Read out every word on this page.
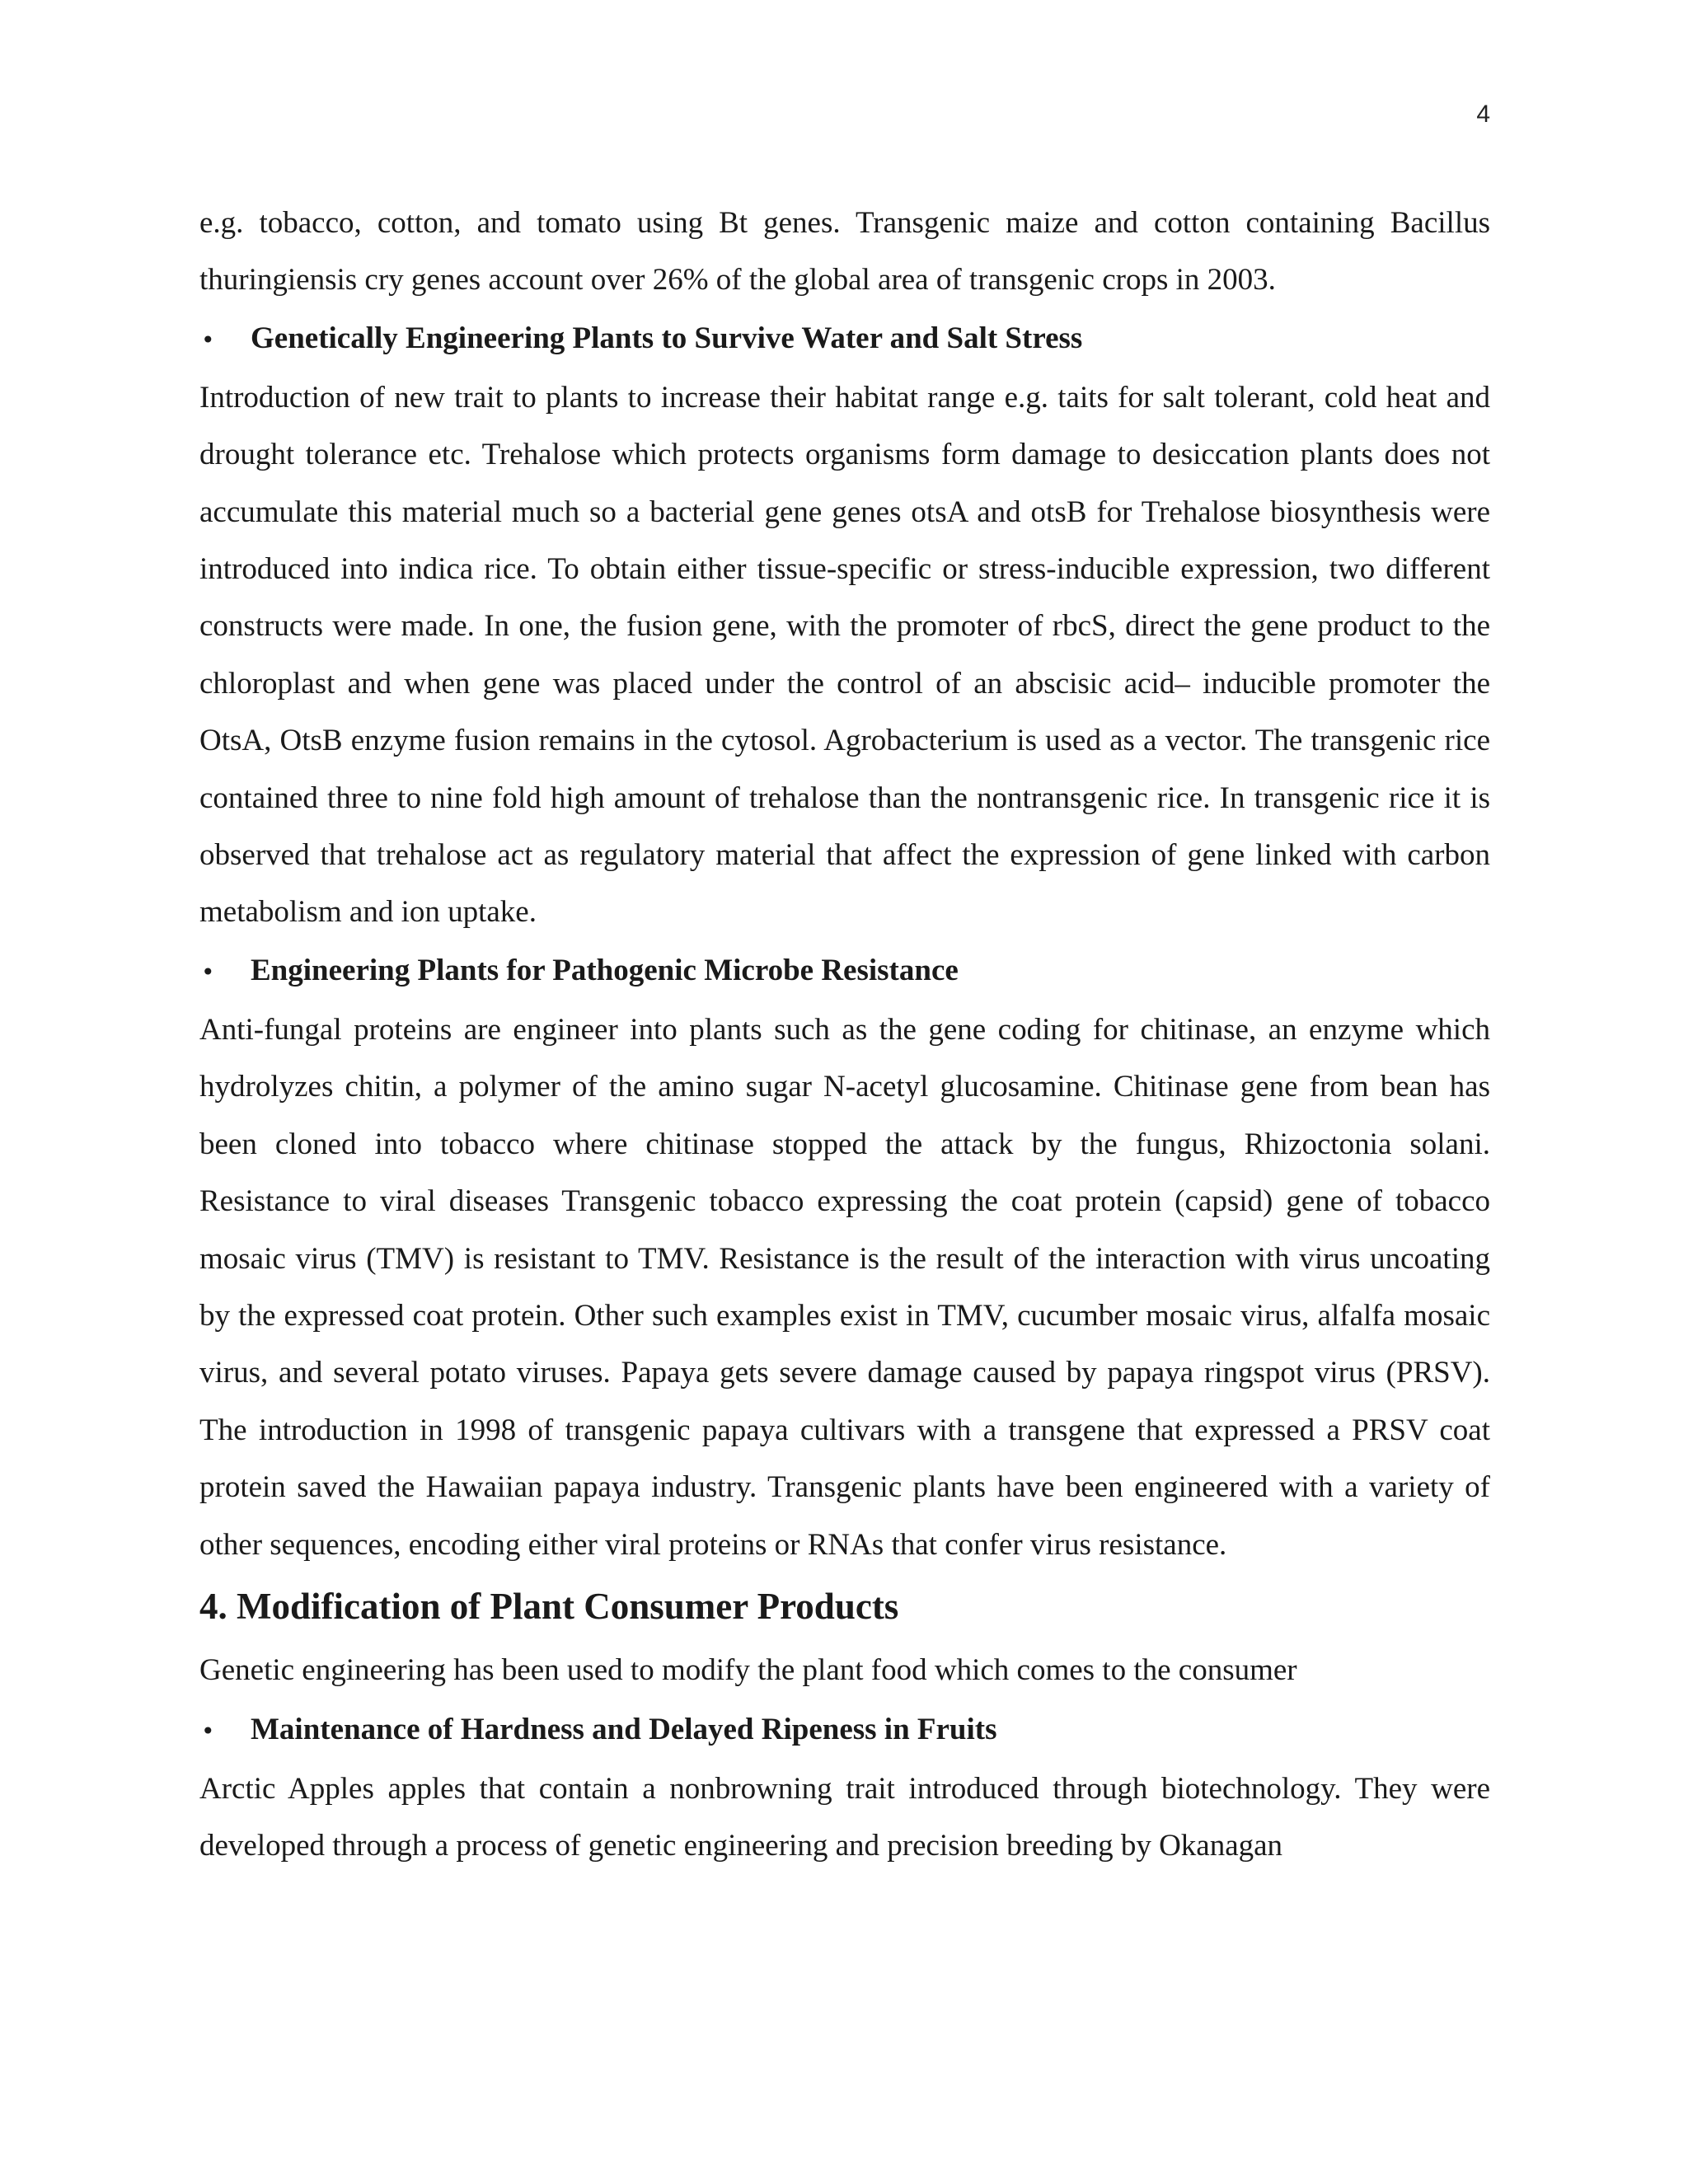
4

e.g. tobacco, cotton, and tomato using Bt genes. Transgenic maize and cotton containing Bacillus thuringiensis cry genes account over 26% of the global area of transgenic crops in 2003.

•	Genetically Engineering Plants to Survive Water and Salt Stress

Introduction of new trait to plants to increase their habitat range e.g. taits for salt tolerant, cold heat and drought tolerance etc. Trehalose which protects organisms form damage to desiccation plants does not accumulate this material much so a bacterial gene genes otsA and otsB for Trehalose biosynthesis were introduced into indica rice. To obtain either tissue-specific or stress-inducible expression, two different constructs were made. In one, the fusion gene, with the promoter of rbcS, direct the gene product to the chloroplast and when gene was placed under the control of an abscisic acid– inducible promoter the OtsA, OtsB enzyme fusion remains in the cytosol. Agrobacterium is used as a vector. The transgenic rice contained three to nine fold high amount of trehalose than the nontransgenic rice. In transgenic rice it is observed that trehalose act as regulatory material that affect the expression of gene linked with carbon metabolism and ion uptake.

•	Engineering Plants for Pathogenic Microbe Resistance

Anti-fungal proteins are engineer into plants such as the gene coding for chitinase, an enzyme which hydrolyzes chitin, a polymer of the amino sugar N-acetyl glucosamine. Chitinase gene from bean has been cloned into tobacco where chitinase stopped the attack by the fungus, Rhizoctonia solani. Resistance to viral diseases Transgenic tobacco expressing the coat protein (capsid) gene of tobacco mosaic virus (TMV) is resistant to TMV. Resistance is the result of the interaction with virus uncoating by the expressed coat protein. Other such examples exist in TMV, cucumber mosaic virus, alfalfa mosaic virus, and several potato viruses. Papaya gets severe damage caused by papaya ringspot virus (PRSV). The introduction in 1998 of transgenic papaya cultivars with a transgene that expressed a PRSV coat protein saved the Hawaiian papaya industry. Transgenic plants have been engineered with a variety of other sequences, encoding either viral proteins or RNAs that confer virus resistance.

4. Modification of Plant Consumer Products

Genetic engineering has been used to modify the plant food which comes to the consumer

•	Maintenance of Hardness and Delayed Ripeness in Fruits

Arctic Apples apples that contain a nonbrowning trait introduced through biotechnology. They were developed through a process of genetic engineering and precision breeding by Okanagan
